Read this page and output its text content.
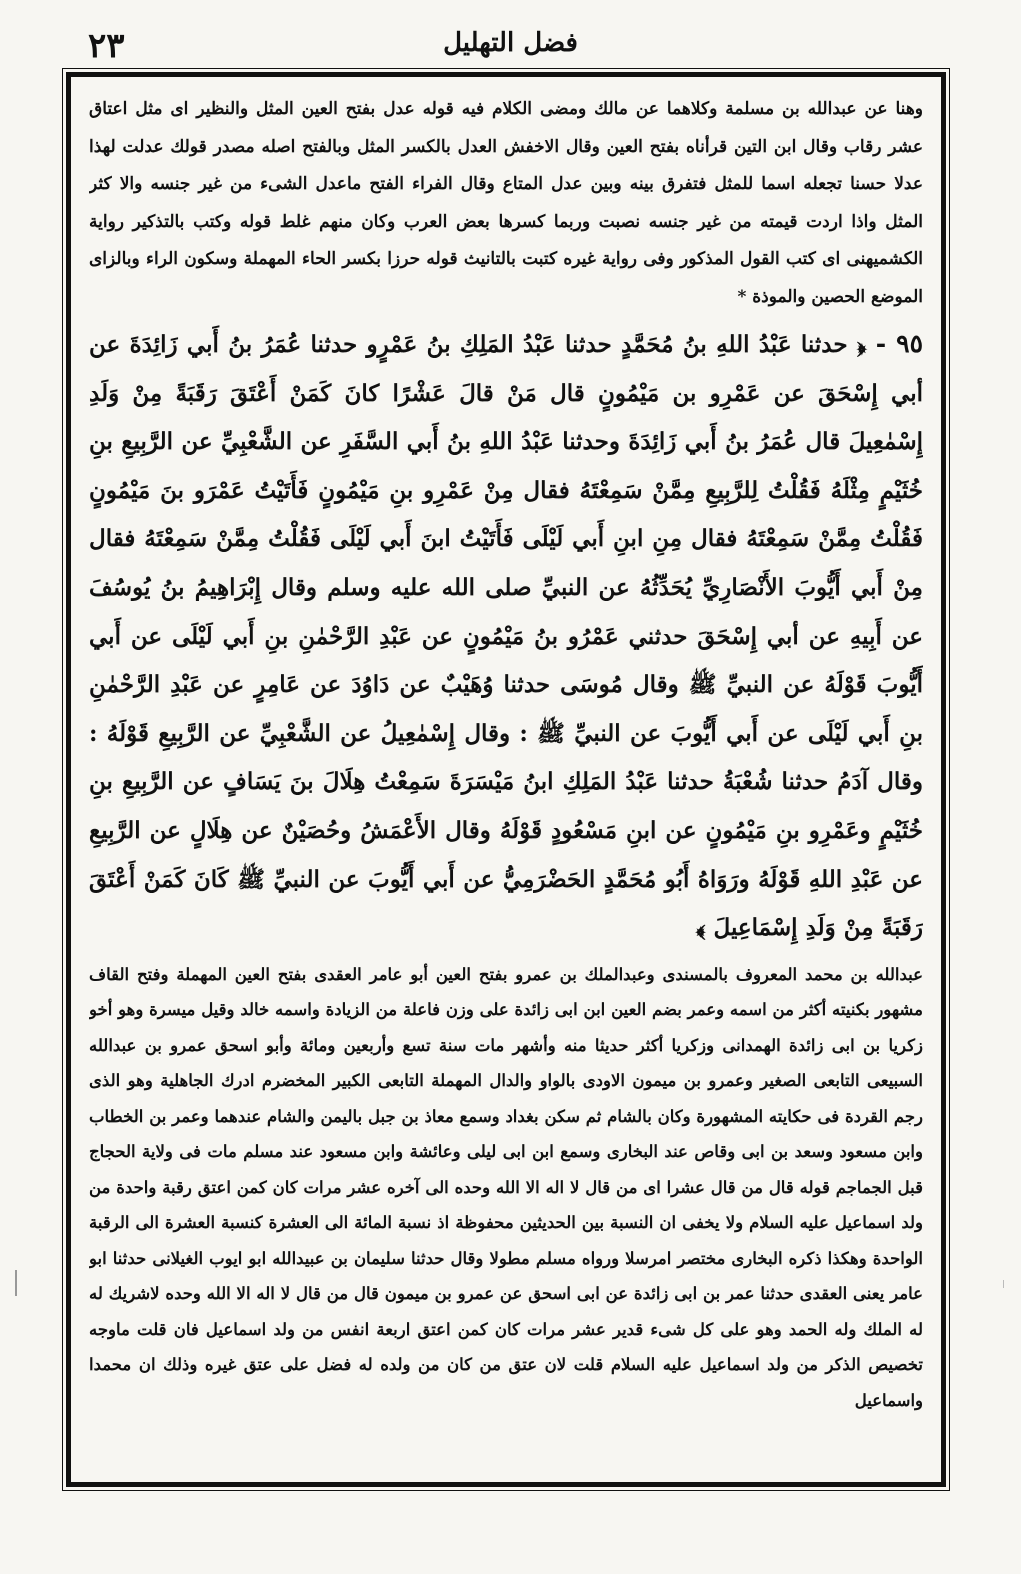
٢٣	فضل التهليل

وهنا عن عبدالله بن مسلمة وكلاهما عن مالك ومضى الكلام فيه قوله عدل بفتح العين المثل والنظير اى مثل اعتاق عشر رقاب وقال ابن التين قرأناه بفتح العين وقال الاخفش العدل بالكسر المثل وبالفتح اصله مصدر قولك عدلت لهذا عدلا حسنا تجعله اسما للمثل فتفرق بينه وبين عدل المتاع وقال الفراء الفتح ماعدل الشىء من غير جنسه والا كثر المثل واذا اردت قيمته من غير جنسه نصبت وربما كسرها بعض العرب وكان منهم غلط قوله وكتب بالتذكير رواية الكشميهنى اى كتب القول المذكور وفى رواية غيره كتبت بالتانيث قوله حرزا بكسر الحاء المهملة وسكون الراء وبالزاى الموضع الحصين والموذة *

٩٥ - ﴿ حدثنا عَبْدُ اللهِ بنُ مُحَمَّدٍ حدثنا عَبْدُ المَلِكِ بنُ عَمْرٍو حدثنا عُمَرُ بنُ أَبي زَائِدَةَ عن أبي إِسْحَقَ عن عَمْرِو بن مَيْمُونٍ قال مَنْ قالَ عَشْرًا كانَ كَمَنْ أَعْتَقَ رَقَبَةً مِنْ وَلَدِ إِسْمٰعِيلَ قال عُمَرُ بنُ أَبي زَائِدَةَ وحدثنا عَبْدُ اللهِ بنُ أَبي السَّفَرِ عن الشَّعْبِيِّ عن الرَّبِيعِ بنِ خُثَيْمٍ مِثْلَهُ فَقُلْتُ لِلرَّبِيعِ مِمَّنْ سَمِعْتَهُ فقال مِنْ عَمْرِو بنِ مَيْمُونٍ فَأَتَيْتُ عَمْرَو بنَ مَيْمُونٍ فَقُلْتُ مِمَّنْ سَمِعْتَهُ فقال مِنِ ابنِ أَبي لَيْلَى فَأَتَيْتُ ابنَ أَبي لَيْلَى فَقُلْتُ مِمَّنْ سَمِعْتَهُ فقال مِنْ أَبي أَيُّوبَ الأَنْصَارِيِّ يُحَدِّثُهُ عن النبيِّ صلى الله عليه وسلم وقال إِبْرَاهِيمُ بنُ يُوسُفَ عن أَبِيهِ عن أبي إِسْحَقَ حدثني عَمْرُو بنُ مَيْمُونٍ عن عَبْدِ الرَّحْمٰنِ بنِ أَبي لَيْلَى عن أَبي أَيُّوبَ قَوْلَهُ عن النبيِّ ﷺ وقال مُوسَى حدثنا وُهَيْبٌ عن دَاوُدَ عن عَامِرٍ عن عَبْدِ الرَّحْمٰنِ بنِ أَبي لَيْلَى عن أَبي أَيُّوبَ عن النبيِّ ﷺ : وقال إِسْمٰعِيلُ عن الشَّعْبِيِّ عن الرَّبِيعِ قَوْلَهُ : وقال آدَمُ حدثنا شُعْبَةُ حدثنا عَبْدُ المَلِكِ ابنُ مَيْسَرَةَ سَمِعْتُ هِلَالَ بنَ يَسَافٍ عن الرَّبِيعِ بنِ خُثَيْمٍ وعَمْرِو بنِ مَيْمُونٍ عن ابنِ مَسْعُودٍ قَوْلَهُ وقال الأَعْمَشُ وحُصَيْنٌ عن هِلَالٍ عن الرَّبِيعِ عن عَبْدِ اللهِ قَوْلَهُ ورَوَاهُ أَبُو مُحَمَّدٍ الحَضْرَمِيُّ عن أَبي أَيُّوبَ عن النبيِّ ﷺ كَانَ كَمَنْ أَعْتَقَ رَقَبَةً مِنْ وَلَدِ إِسْمَاعِيلَ ﴾

عبدالله بن محمد المعروف بالمسندى وعبدالملك بن عمرو بفتح العين أبو عامر العقدى بفتح العين المهملة وفتح القاف مشهور بكنيته أكثر من اسمه وعمر بضم العين ابن ابى زائدة على وزن فاعلة من الزيادة واسمه خالد وقيل ميسرة وهو أخو زكريا بن ابى زائدة الهمدانى وزكريا أكثر حديثا منه وأشهر مات سنة تسع وأربعين ومائة وأبو اسحق عمرو بن عبدالله السبيعى التابعى الصغير وعمرو بن ميمون الاودى بالواو والدال المهملة التابعى الكبير المخضرم ادرك الجاهلية وهو الذى رجم القردة فى حكايته المشهورة وكان بالشام ثم سكن بغداد وسمع معاذ بن جبل باليمن والشام عندهما وعمر بن الخطاب وابن مسعود وسعد بن ابى وقاص عند البخارى وسمع ابن ابى ليلى وعائشة وابن مسعود عند مسلم مات فى ولاية الحجاج قبل الجماجم قوله قال من قال عشرا اى من قال لا اله الا الله وحده الى آخره عشر مرات كان كمن اعتق رقبة واحدة من ولد اسماعيل عليه السلام ولا يخفى ان النسبة بين الحديثين محفوظة اذ نسبة المائة الى العشرة كنسبة العشرة الى الرقبة الواحدة وهكذا ذكره البخارى مختصر امرسلا ورواه مسلم مطولا وقال حدثنا سليمان بن عبيدالله ابو ايوب الغيلانى حدثنا ابو عامر يعنى العقدى حدثنا عمر بن ابى زائدة عن ابى اسحق عن عمرو بن ميمون قال من قال لا اله الا الله وحده لاشريك له له الملك وله الحمد وهو على كل شىء قدير عشر مرات كان كمن اعتق اربعة انفس من ولد اسماعيل فان قلت ماوجه تخصيص الذكر من ولد اسماعيل عليه السلام قلت لان عتق من كان من ولده له فضل على عتق غيره وذلك ان محمدا واسماعيل
